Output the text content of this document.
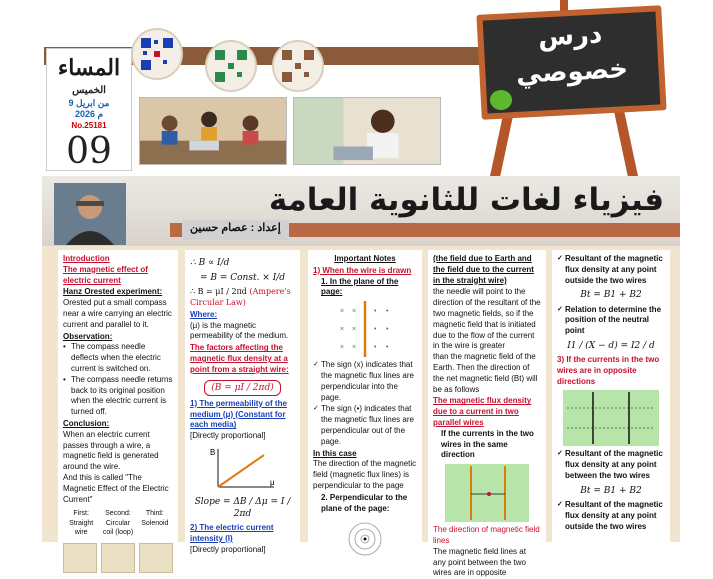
المساء
الخميس
9 من ابريل
2026 م
No.25181
09
درس
خصوصي
فيزياء لغات للثانوية العامة
إعداد : عصام حسين
Introduction
The magnetic effect of electric current
Hanz Orested experiment:
Orested put a small compass near a wire carrying an electric current and parallel to it.
Observation:
• The compass needle deflects when the electric current is switched on.
• The compass needle returns back to its original position when the electric current is turned off.
Conclusion:
When an electric current passes through a wire, a magnetic field is generated around the wire.
And this is called "The Magnetic Effect of the Electric Current"
First: Straight wire
Second: Circular coil (loop)
Third: Solenoid
∴ B ∝ I/d
= B = Const. × I/d
∴ B = μI / 2πd (Ampere's Circular Law)
Where:
(μ) is the magnetic permeability of the medium.
The factors affecting the magnetic flux density at a point from a straight wire:
(B = μI / 2πd)
1) The permeability of the medium (μ) (Constant for each media)
[Directly proportional]
B
μ
Slope = ΔB / Δμ = I / 2πd
2) The electric current intensity (I)
[Directly proportional]
Important Notes
1) When the wire is drawn
1. In the plane of the page:
× ×	• •
× ×	• •
× ×	• •
✓ The sign (x) indicates that the magnetic flux lines are perpendicular into the page.
✓ The sign (•) indicates that the magnetic flux lines are perpendicular out of the page.
In this case
The direction of the magnetic field (magnetic flux lines) is perpendicular to the page
2. Perpendicular to the plane of the page:
(the field due to Earth and the field due to the current in the straight wire)
the needle will point to the direction of the resultant of the two magnetic fields, so if the magnetic field that is initiated due to the flow of the current in the wire is greater
than the magnetic field of the Earth. Then the direction of the net magnetic field (Bt) will be as follows
The magnetic flux density due to a current in two parallel wires
If the currents in the two wires in the same direction
The direction of magnetic field lines
The magnetic field lines at any point between the two wires are in opposite
✓ Resultant of the magnetic flux density at any point outside the two wires
Bt = B1 + B2
✓ Relation to determine the position of the neutral point
I1 / (X − d) = I2 / d
3) If the currents in the two wires are in opposite directions
✓ Resultant of the magnetic flux density at any point between the two wires
Bt = B1 + B2
✓ Resultant of the magnetic flux density at any point outside the two wires
